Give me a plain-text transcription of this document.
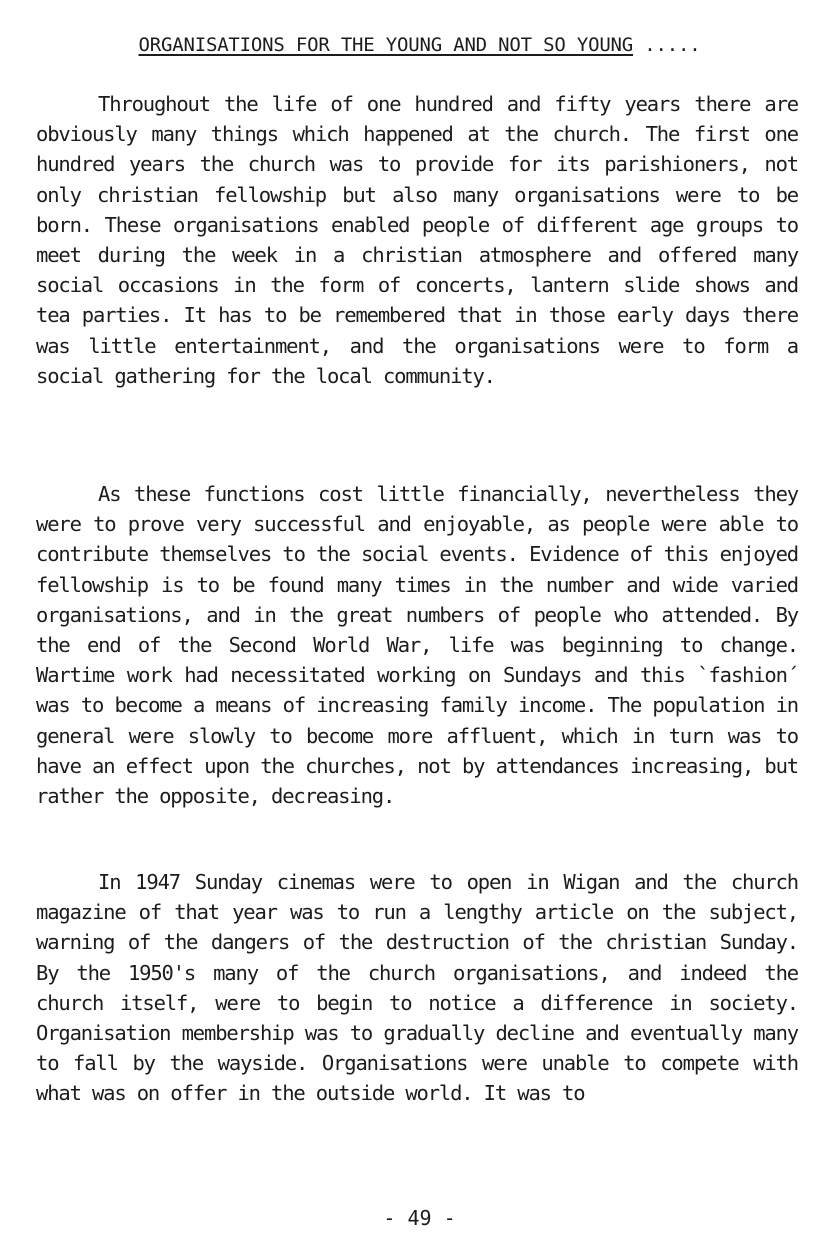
ORGANISATIONS FOR THE YOUNG AND NOT SO YOUNG .....

Throughout the life of one hundred and fifty years there are obviously many things which happened at the church. The first one hundred years the church was to provide for its parishioners, not only christian fellowship but also many organisations were to be born. These organisations enabled people of different age groups to meet during the week in a christian atmosphere and offered many social occasions in the form of concerts, lantern slide shows and tea parties. It has to be remembered that in those early days there was little entertainment, and the organisations were to form a social gathering for the local community.

As these functions cost little financially, nevertheless they were to prove very successful and enjoyable, as people were able to contribute themselves to the social events. Evidence of this enjoyed fellowship is to be found many times in the number and wide varied organisations, and in the great numbers of people who attended. By the end of the Second World War, life was beginning to change. Wartime work had necessitated working on Sundays and this `fashion´ was to become a means of increasing family income. The population in general were slowly to become more affluent, which in turn was to have an effect upon the churches, not by attendances increasing, but rather the opposite, decreasing.

In 1947 Sunday cinemas were to open in Wigan and the church magazine of that year was to run a lengthy article on the subject, warning of the dangers of the destruction of the christian Sunday. By the 1950's many of the church organisations, and indeed the church itself, were to begin to notice a difference in society. Organisation membership was to gradually decline and eventually many to fall by the wayside. Organisations were unable to compete with what was on offer in the outside world. It was to

- 49 -
